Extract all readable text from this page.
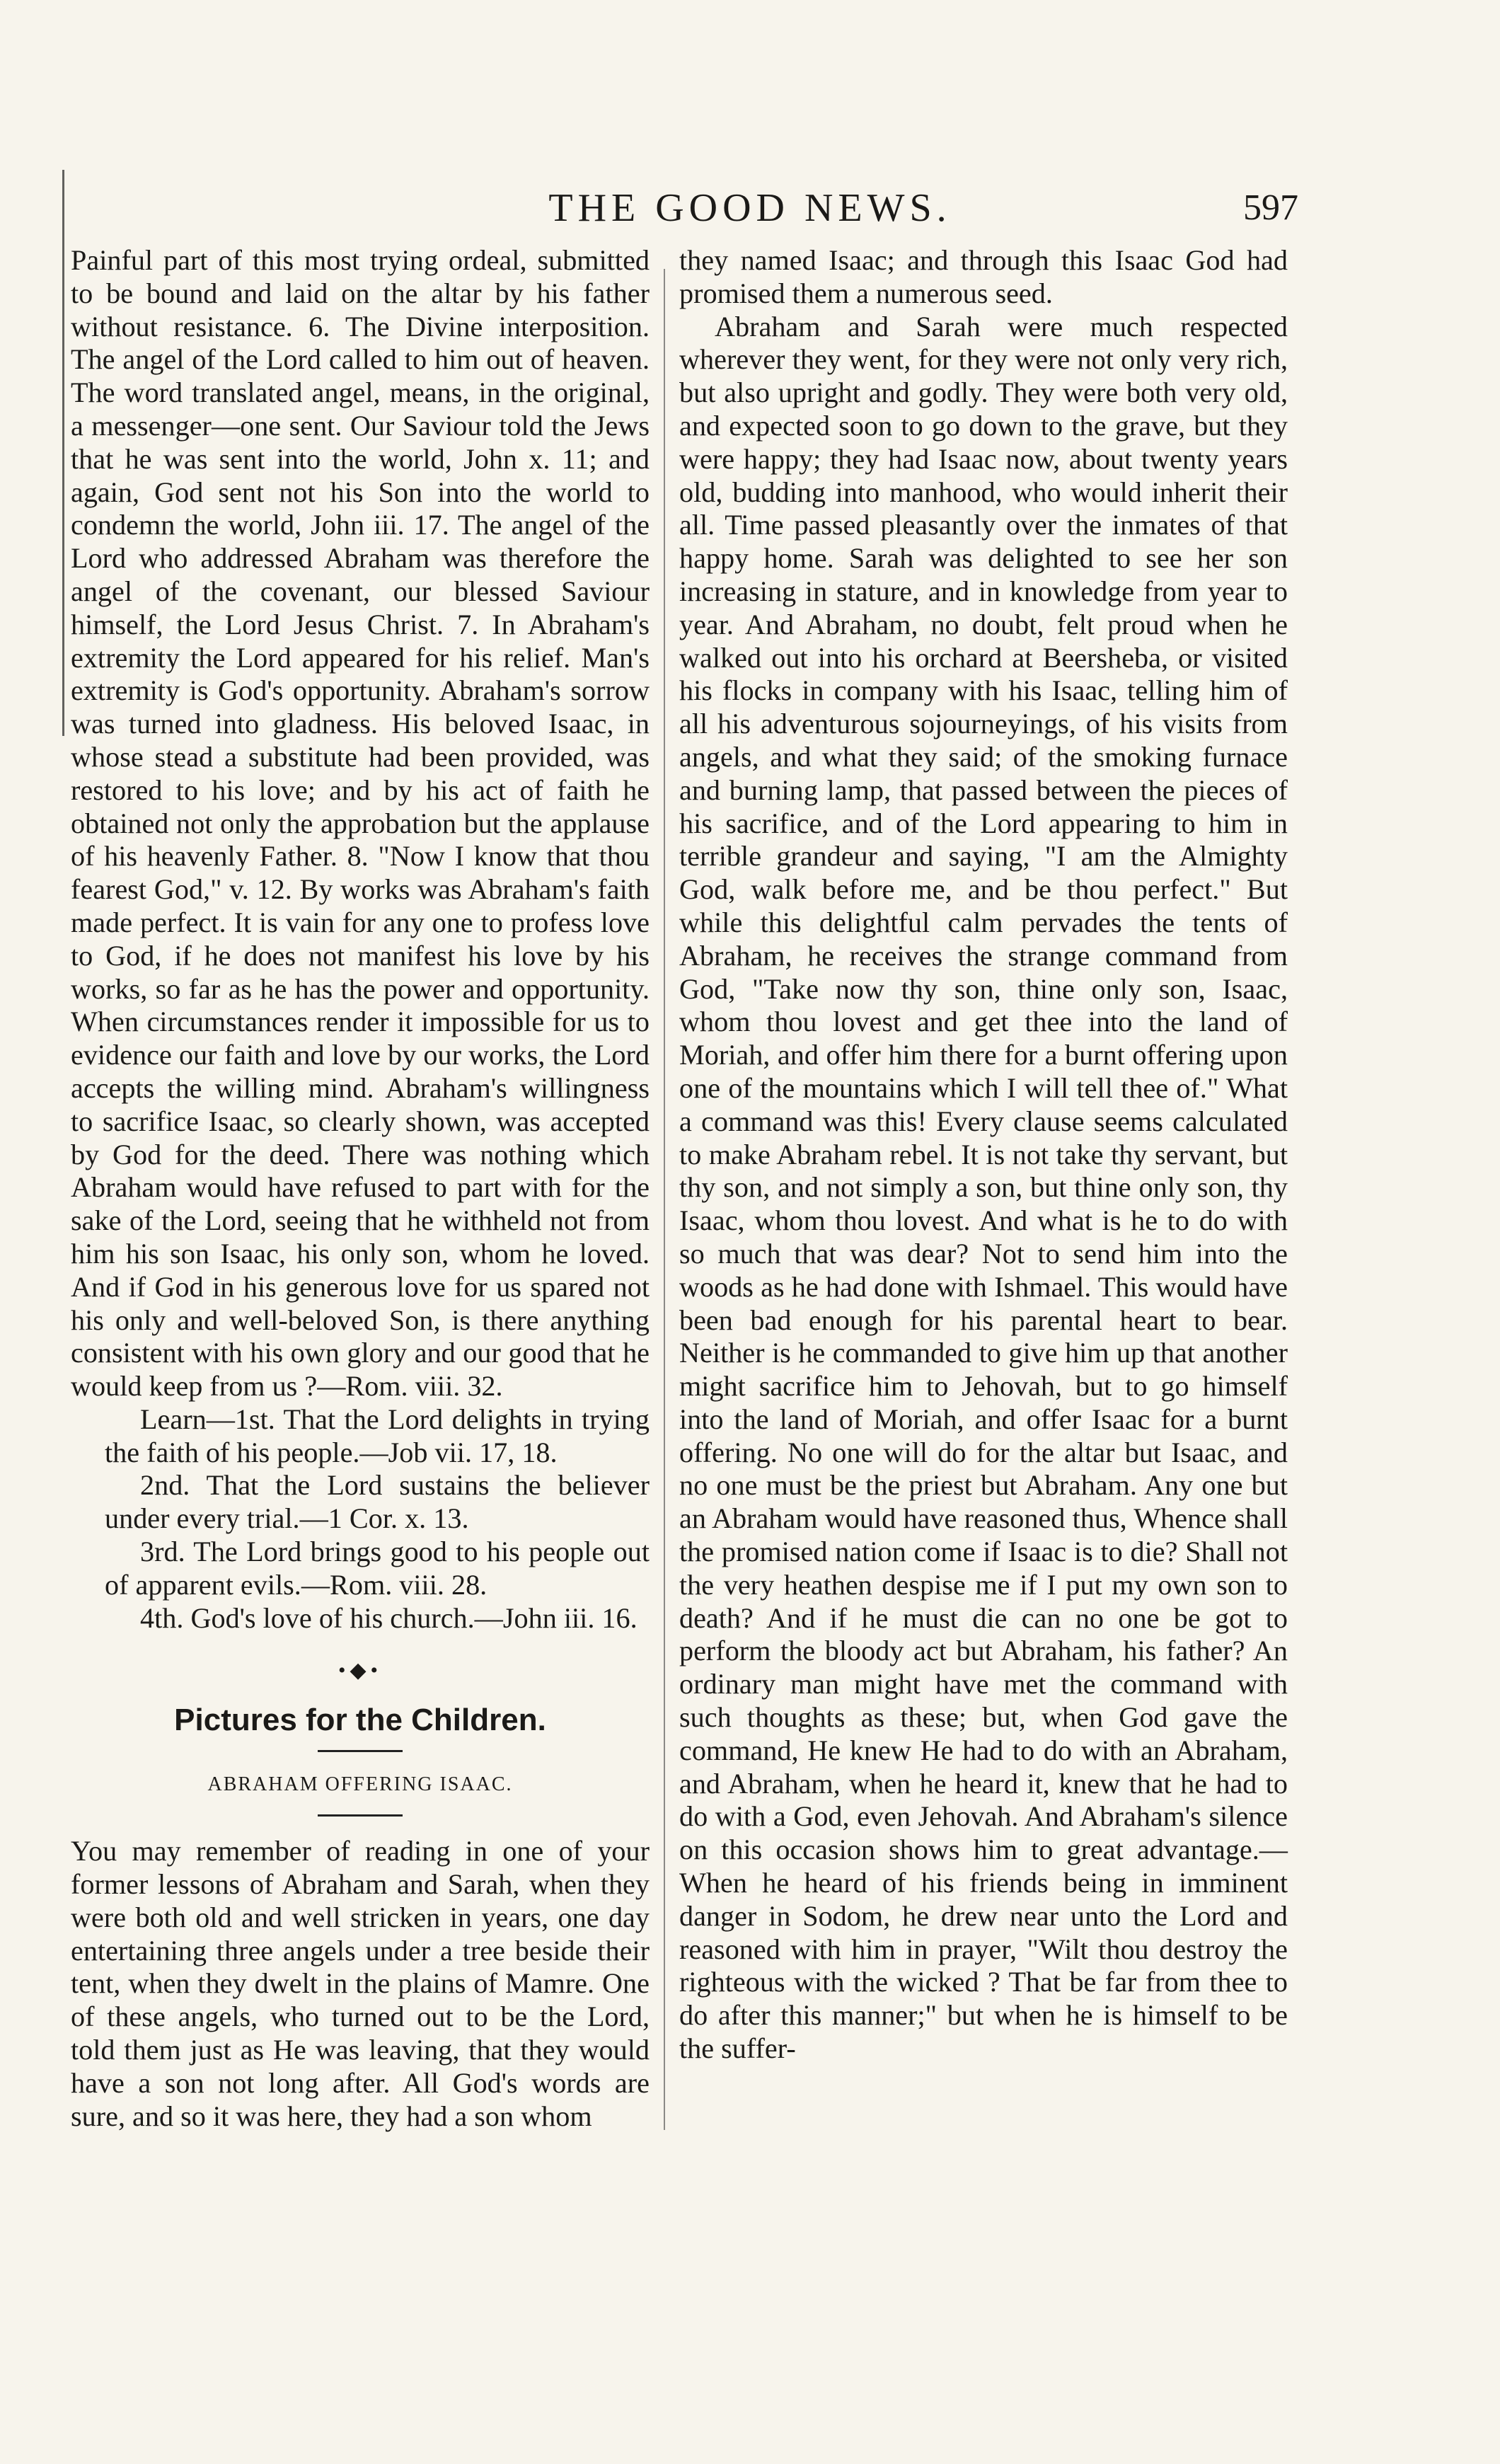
THE GOOD NEWS.	597

Painful part of this most trying ordeal, submitted to be bound and laid on the altar by his father without resistance. 6. The Divine interposition. The angel of the Lord called to him out of heaven. The word translated angel, means, in the original, a messenger—one sent. Our Saviour told the Jews that he was sent into the world, John x. 11; and again, God sent not his Son into the world to condemn the world, John iii. 17. The angel of the Lord who addressed Abraham was therefore the angel of the covenant, our blessed Saviour himself, the Lord Jesus Christ. 7. In Abraham's extremity the Lord appeared for his relief. Man's extremity is God's opportunity. Abraham's sorrow was turned into gladness. His beloved Isaac, in whose stead a substitute had been provided, was restored to his love; and by his act of faith he obtained not only the approbation but the applause of his heavenly Father. 8. "Now I know that thou fearest God," v. 12. By works was Abraham's faith made perfect. It is vain for any one to profess love to God, if he does not manifest his love by his works, so far as he has the power and opportunity. When circumstances render it impossible for us to evidence our faith and love by our works, the Lord accepts the willing mind. Abraham's willingness to sacrifice Isaac, so clearly shown, was accepted by God for the deed. There was nothing which Abraham would have refused to part with for the sake of the Lord, seeing that he withheld not from him his son Isaac, his only son, whom he loved. And if God in his generous love for us spared not his only and well-beloved Son, is there anything consistent with his own glory and our good that he would keep from us ?—Rom. viii. 32.

Learn—1st. That the Lord delights in trying the faith of his people.—Job vii. 17, 18.

2nd. That the Lord sustains the believer under every trial.—1 Cor. x. 13.

3rd. The Lord brings good to his people out of apparent evils.—Rom. viii. 28.

4th. God's love of his church.—John iii. 16.

•◆•
Pictures for the Children.

ABRAHAM OFFERING ISAAC.

You may remember of reading in one of your former lessons of Abraham and Sarah, when they were both old and well stricken in years, one day entertaining three angels under a tree beside their tent, when they dwelt in the plains of Mamre. One of these angels, who turned out to be the Lord, told them just as He was leaving, that they would have a son not long after. All God's words are sure, and so it was here, they had a son whom

they named Isaac; and through this Isaac God had promised them a numerous seed.

Abraham and Sarah were much respected wherever they went, for they were not only very rich, but also upright and godly. They were both very old, and expected soon to go down to the grave, but they were happy; they had Isaac now, about twenty years old, budding into manhood, who would inherit their all. Time passed pleasantly over the inmates of that happy home. Sarah was delighted to see her son increasing in stature, and in knowledge from year to year. And Abraham, no doubt, felt proud when he walked out into his orchard at Beersheba, or visited his flocks in company with his Isaac, telling him of all his adventurous sojourneyings, of his visits from angels, and what they said; of the smoking furnace and burning lamp, that passed between the pieces of his sacrifice, and of the Lord appearing to him in terrible grandeur and saying, "I am the Almighty God, walk before me, and be thou perfect." But while this delightful calm pervades the tents of Abraham, he receives the strange command from God, "Take now thy son, thine only son, Isaac, whom thou lovest and get thee into the land of Moriah, and offer him there for a burnt offering upon one of the mountains which I will tell thee of." What a command was this! Every clause seems calculated to make Abraham rebel. It is not take thy servant, but thy son, and not simply a son, but thine only son, thy Isaac, whom thou lovest. And what is he to do with so much that was dear? Not to send him into the woods as he had done with Ishmael. This would have been bad enough for his parental heart to bear. Neither is he commanded to give him up that another might sacrifice him to Jehovah, but to go himself into the land of Moriah, and offer Isaac for a burnt offering. No one will do for the altar but Isaac, and no one must be the priest but Abraham. Any one but an Abraham would have reasoned thus, Whence shall the promised nation come if Isaac is to die? Shall not the very heathen despise me if I put my own son to death? And if he must die can no one be got to perform the bloody act but Abraham, his father? An ordinary man might have met the command with such thoughts as these; but, when God gave the command, He knew He had to do with an Abraham, and Abraham, when he heard it, knew that he had to do with a God, even Jehovah. And Abraham's silence on this occasion shows him to great advantage.—When he heard of his friends being in imminent danger in Sodom, he drew near unto the Lord and reasoned with him in prayer, "Wilt thou destroy the righteous with the wicked ? That be far from thee to do after this manner;" but when he is himself to be the suffer-
